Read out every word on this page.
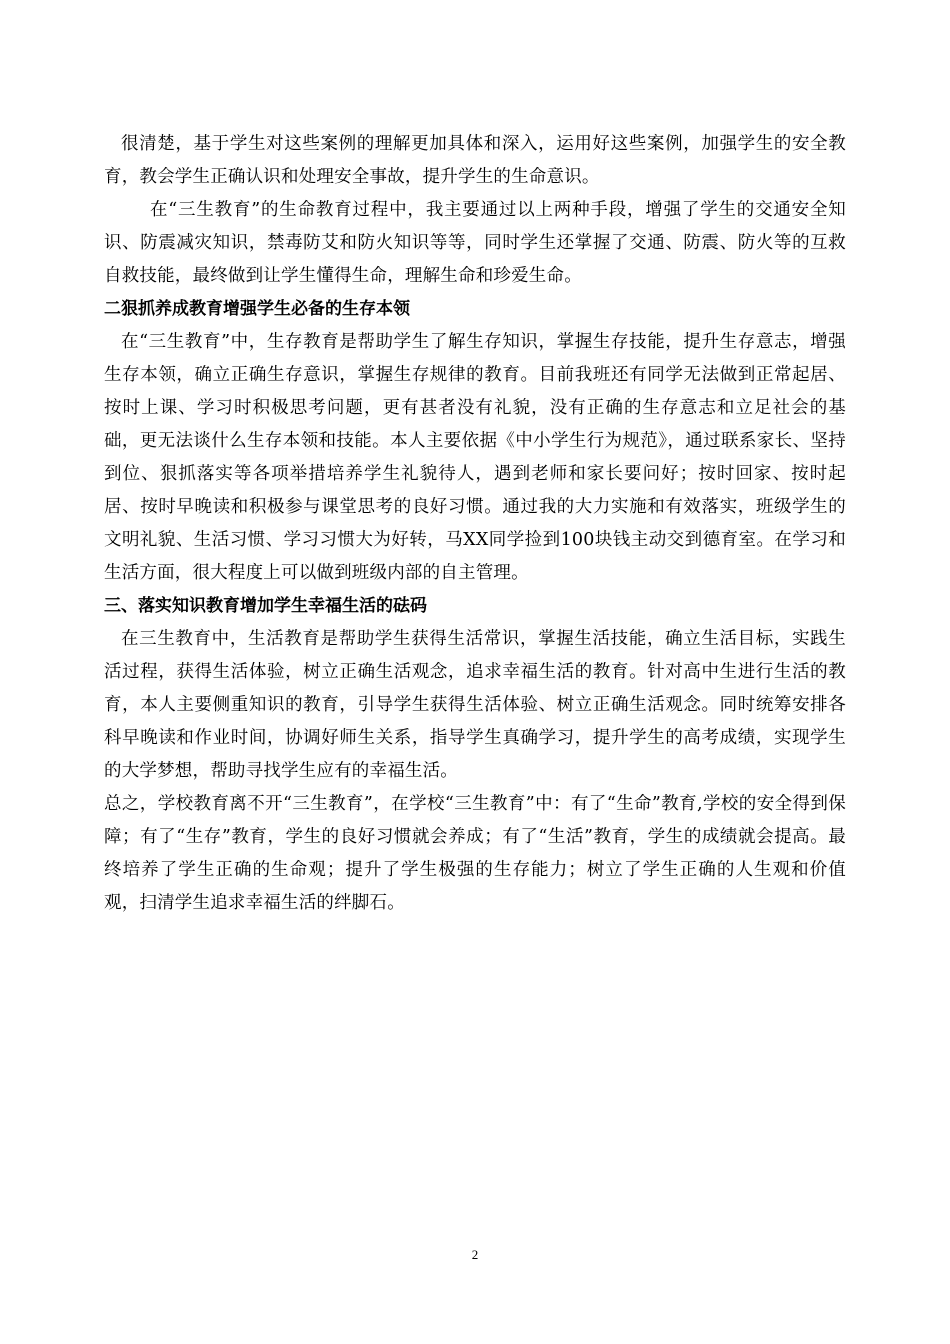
很清楚，基于学生对这些案例的理解更加具体和深入，运用好这些案例，加强学生的安全教育，教会学生正确认识和处理安全事故，提升学生的生命意识。

在“三生教育”的生命教育过程中，我主要通过以上两种手段，增强了学生的交通安全知识、防震减灾知识，禁毒防艾和防火知识等等，同时学生还掌握了交通、防震、防火等的互救自救技能，最终做到让学生懂得生命，理解生命和珍爱生命。

二狠抓养成教育增强学生必备的生存本领

在“三生教育”中，生存教育是帮助学生了解生存知识，掌握生存技能，提升生存意志，增强生存本领，确立正确生存意识，掌握生存规律的教育。目前我班还有同学无法做到正常起居、按时上课、学习时积极思考问题，更有甚者没有礼貌，没有正确的生存意志和立足社会的基础，更无法谈什么生存本领和技能。本人主要依据《中小学生行为规范》，通过联系家长、坚持到位、狠抓落实等各项举措培养学生礼貌待人，遇到老师和家长要问好；按时回家、按时起居、按时早晚读和积极参与课堂思考的良好习惯。通过我的大力实施和有效落实，班级学生的文明礼貌、生活习惯、学习习惯大为好转，马XX同学捡到100块钱主动交到德育室。在学习和生活方面，很大程度上可以做到班级内部的自主管理。

三、落实知识教育增加学生幸福生活的砝码

在三生教育中，生活教育是帮助学生获得生活常识，掌握生活技能，确立生活目标，实践生活过程，获得生活体验，树立正确生活观念，追求幸福生活的教育。针对高中生进行生活的教育，本人主要侧重知识的教育，引导学生获得生活体验、树立正确生活观念。同时统筹安排各科早晚读和作业时间，协调好师生关系，指导学生真确学习，提升学生的高考成绩，实现学生的大学梦想，帮助寻找学生应有的幸福生活。

总之，学校教育离不开“三生教育”，在学校“三生教育”中：有了“生命”教育,学校的安全得到保障；有了“生存”教育，学生的良好习惯就会养成；有了“生活”教育，学生的成绩就会提高。最终培养了学生正确的生命观；提升了学生极强的生存能力；树立了学生正确的人生观和价值观，扫清学生追求幸福生活的绊脚石。

2
